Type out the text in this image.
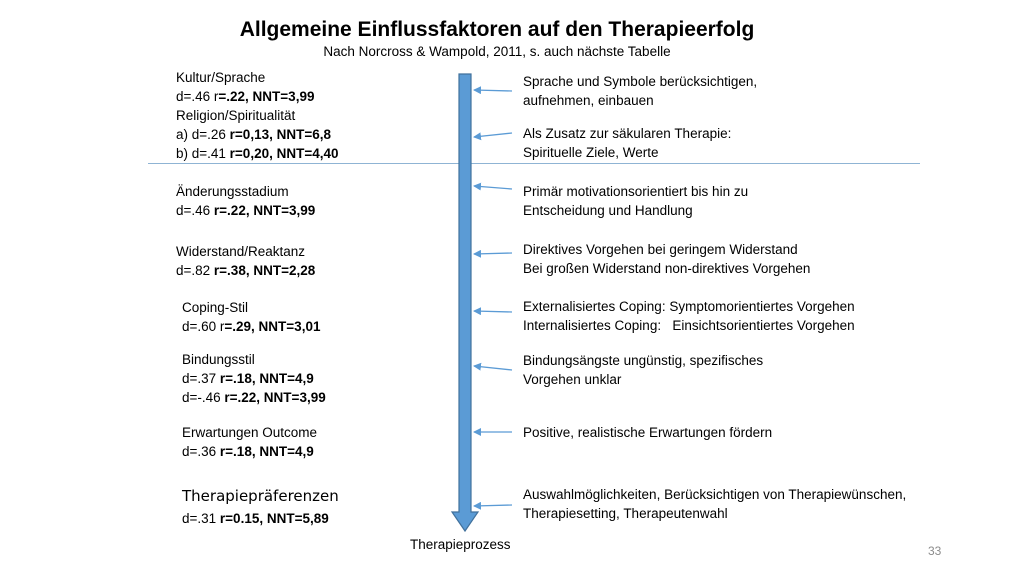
Allgemeine Einflussfaktoren auf den Therapieerfolg
Nach Norcross & Wampold, 2011, s. auch nächste Tabelle
Kultur/Sprache
d=.46 r=.22, NNT=3,99
Religion/Spiritualität
a) d=.26 r=0,13, NNT=6,8
b) d=.41 r=0,20, NNT=4,40
Änderungsstadium
d=.46 r=.22, NNT=3,99
Widerstand/Reaktanz
d=.82 r=.38, NNT=2,28
Coping-Stil
d=.60 r=.29, NNT=3,01
Bindungsstil
d=.37 r=.18, NNT=4,9
d=-.46 r=.22, NNT=3,99
Erwartungen Outcome
d=.36 r=.18, NNT=4,9
Therapiepräferenzen
d=.31 r=0.15, NNT=5,89
Therapieprozess
Sprache und Symbole berücksichtigen,
aufnehmen, einbauen
Als Zusatz zur säkularen Therapie:
Spirituelle Ziele, Werte
Primär motivationsorientiert bis hin zu
Entscheidung und Handlung
Direktives Vorgehen bei geringem Widerstand
Bei großen Widerstand non-direktives Vorgehen
Externalisiertes Coping: Symptomorientiertes Vorgehen
Internalisiertes Coping:   Einsichtsorientiertes Vorgehen
Bindungsängste ungünstig, spezifisches
Vorgehen unklar
Positive, realistische Erwartungen fördern
Auswahlmöglichkeiten, Berücksichtigen von Therapiewünschen,
Therapiesetting, Therapeutenwahl
33
